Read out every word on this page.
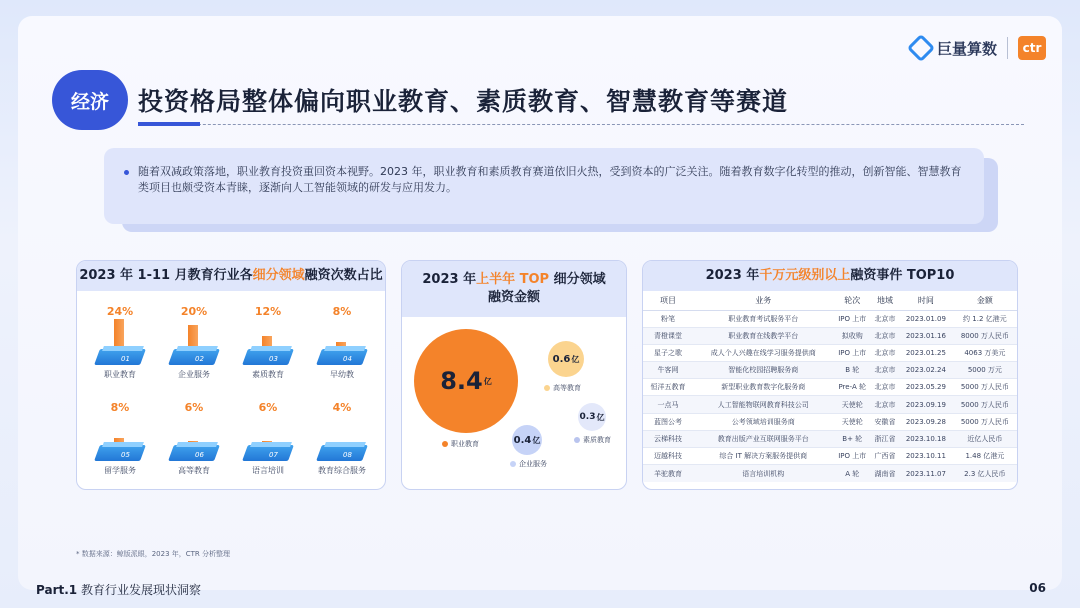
巨量算数	ctr
经济	投资格局整体偏向职业教育、素质教育、智慧教育等赛道
随着双减政策落地，职业教育投资重回资本视野。2023 年，职业教育和素质教育赛道依旧火热，受到资本的广泛关注。随着教育数字化转型的推动，创新智能、智慧教育类项目也颇受资本青睐，逐渐向人工智能领域的研发与应用发力。
2023 年 1-11 月教育行业各细分领域融资次数占比
24%
01
职业教育
20%
02
企业服务
12%
03
素质教育
8%
04
早幼教
8%
05
留学服务
6%
06
高等教育
6%
07
语言培训
4%
08
教育综合服务
2023 年上半年 TOP 细分领域
融资金额
8.4 亿
职业教育
0.6 亿
高等教育
0.3 亿
素质教育
0.4 亿
企业服务
2023 年千万元级别以上融资事件 TOP10
项目	业务	轮次	地域	时间	金额
粉笔	职业教育考试服务平台	IPO 上市	北京市	2023.01.09	约 1.2 亿港元
青橙课堂	职业教育在线教学平台	拟收购	北京市	2023.01.16	8000 万人民币
星子之歌	成人个人兴趣在线学习服务提供商	IPO 上市	北京市	2023.01.25	4063 万美元
牛客网	智能化校园招聘服务商	B 轮	北京市	2023.02.24	5000 万元
恒洋五教育	新型职业教育数字化服务商	Pre-A 轮	北京市	2023.05.29	5000 万人民币
一点马	人工智能物联网教育科技公司	天使轮	北京市	2023.09.19	5000 万人民币
蓝图公考	公考领域培训服务商	天使轮	安徽省	2023.09.28	5000 万人民币
云梯科技	教育出版产业互联网服务平台	B+ 轮	浙江省	2023.10.18	近亿人民币
迈越科技	综合 IT 解决方案服务提供商	IPO 上市	广西省	2023.10.11	1.48 亿港元
羊驼教育	语言培训机构	A 轮	湖南省	2023.11.07	2.3 亿人民币
* 数据来源：鲸版派眼，2023 年，CTR 分析整理
Part.1 教育行业发展现状洞察	06
